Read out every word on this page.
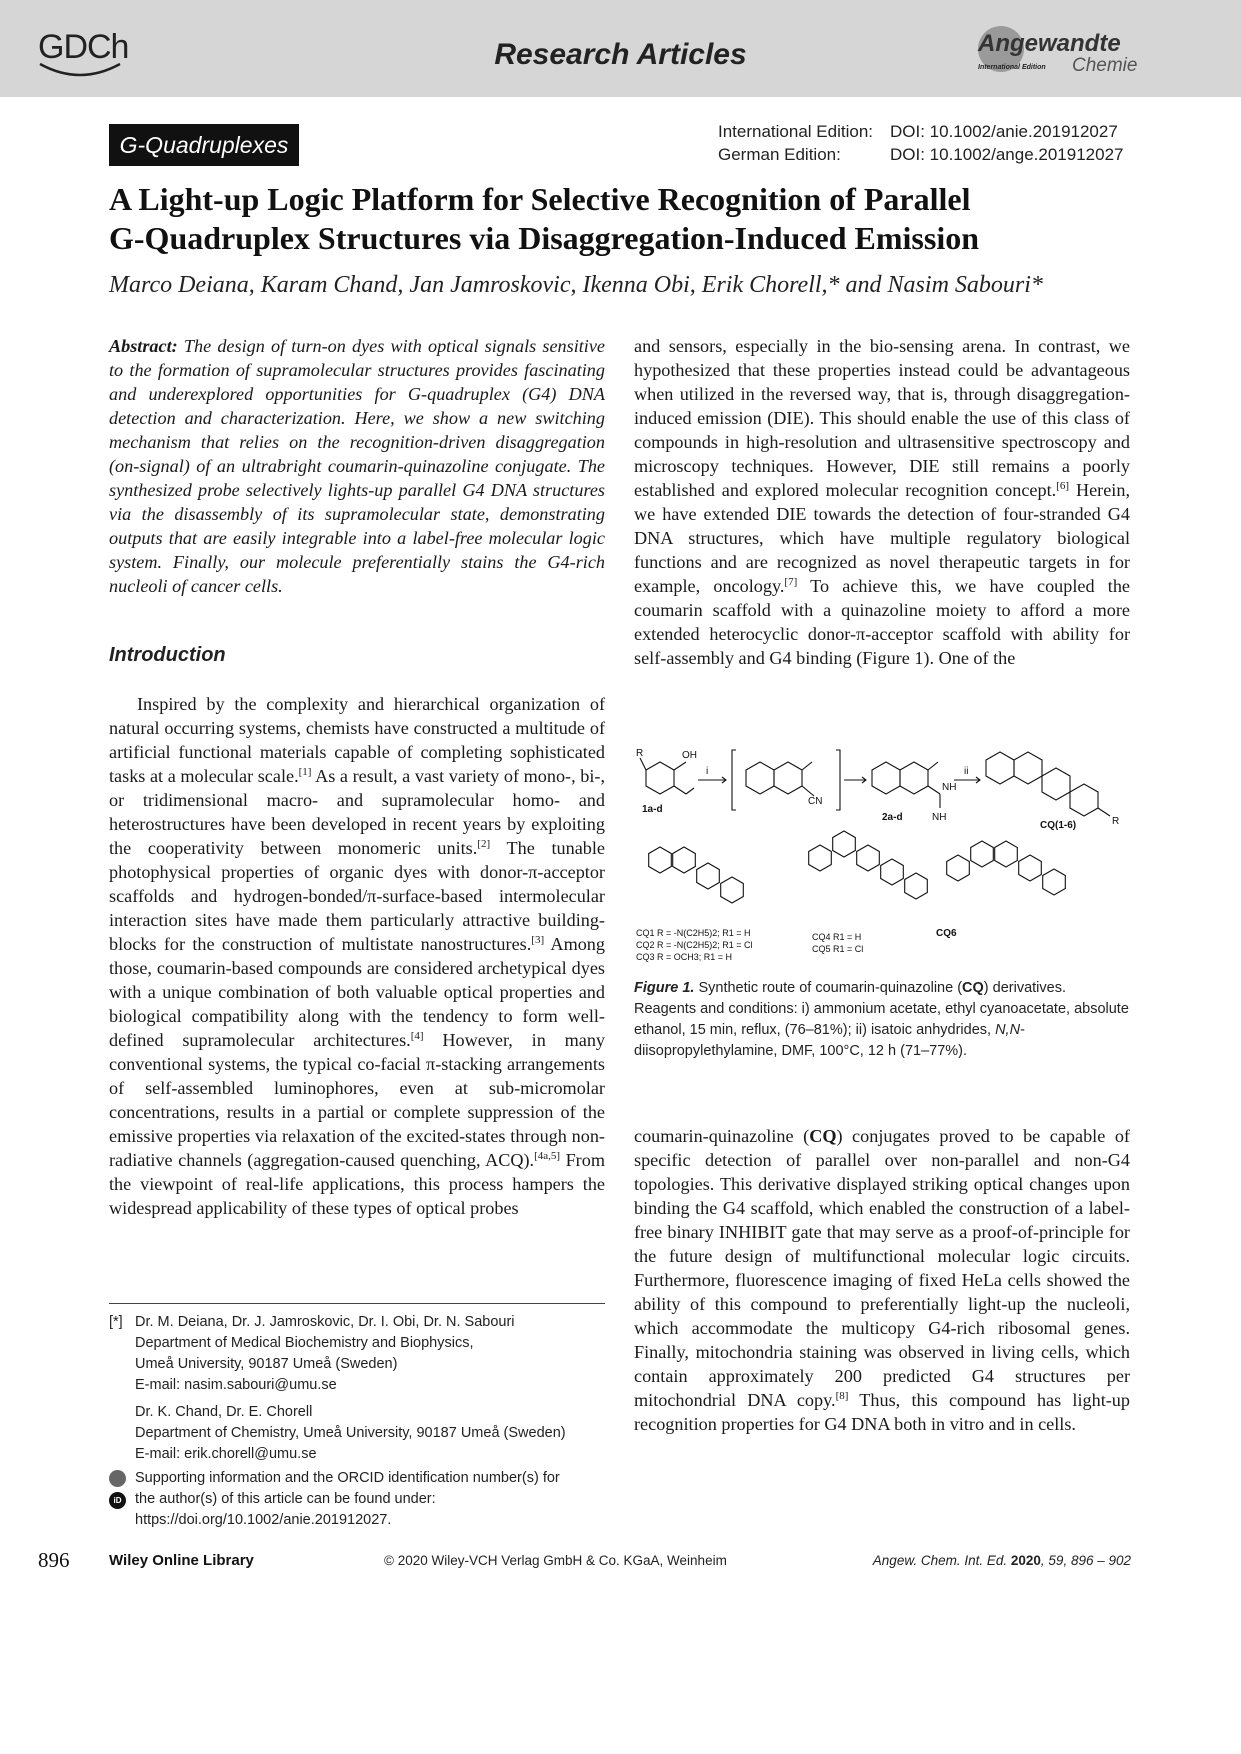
GDCh	Research Articles	Angewandte
International Edition Chemie
G-Quadruplexes
International Edition:	DOI: 10.1002/anie.201912027
German Edition:	DOI: 10.1002/ange.201912027
A Light-up Logic Platform for Selective Recognition of Parallel
G-Quadruplex Structures via Disaggregation-Induced Emission
Marco Deiana, Karam Chand, Jan Jamroskovic, Ikenna Obi, Erik Chorell,* and Nasim Sabouri*
Abstract: The design of turn-on dyes with optical signals sensitive to the formation of supramolecular structures provides fascinating and underexplored opportunities for G-quadruplex (G4) DNA detection and characterization. Here, we show a new switching mechanism that relies on the recognition-driven disaggregation (on-signal) of an ultrabright coumarin-quinazoline conjugate. The synthesized probe selectively lights-up parallel G4 DNA structures via the disassembly of its supramolecular state, demonstrating outputs that are easily integrable into a label-free molecular logic system. Finally, our molecule preferentially stains the G4-rich nucleoli of cancer cells.
Introduction
Inspired by the complexity and hierarchical organization of natural occurring systems, chemists have constructed a multitude of artificial functional materials capable of completing sophisticated tasks at a molecular scale.[1] As a result, a vast variety of mono-, bi-, or tridimensional macro- and supramolecular homo- and heterostructures have been developed in recent years by exploiting the cooperativity between monomeric units.[2] The tunable photophysical properties of organic dyes with donor-π-acceptor scaffolds and hydrogen-bonded/π-surface-based intermolecular interaction sites have made them particularly attractive building-blocks for the construction of multistate nanostructures.[3] Among those, coumarin-based compounds are considered archetypical dyes with a unique combination of both valuable optical properties and biological compatibility along with the tendency to form well-defined supramolecular architectures.[4] However, in many conventional systems, the typical co-facial π-stacking arrangements of self-assembled luminophores, even at sub-micromolar concentrations, results in a partial or complete suppression of the emissive properties via relaxation of the excited-states through non-radiative channels (aggregation-caused quenching, ACQ).[4a,5] From the viewpoint of real-life applications, this process hampers the widespread applicability of these types of optical probes
and sensors, especially in the bio-sensing arena. In contrast, we hypothesized that these properties instead could be advantageous when utilized in the reversed way, that is, through disaggregation-induced emission (DIE). This should enable the use of this class of compounds in high-resolution and ultrasensitive spectroscopy and microscopy techniques. However, DIE still remains a poorly established and explored molecular recognition concept.[6] Herein, we have extended DIE towards the detection of four-stranded G4 DNA structures, which have multiple regulatory biological functions and are recognized as novel therapeutic targets in for example, oncology.[7] To achieve this, we have coupled the coumarin scaffold with a quinazoline moiety to afford a more extended heterocyclic donor-π-acceptor scaffold with ability for self-assembly and G4 binding (Figure 1). One of the
R	OH
i
1a-d
CN
NH
NH
2a-d
ii
CQ(1-6)	R
CQ6
CQ1 R = -N(C2H5)2; R1 = H
CQ2 R = -N(C2H5)2; R1 = Cl
CQ3 R = OCH3; R1 = H
CQ4 R1 = H
CQ5 R1 = Cl
Figure 1. Synthetic route of coumarin-quinazoline (CQ) derivatives. Reagents and conditions: i) ammonium acetate, ethyl cyanoacetate, absolute ethanol, 15 min, reflux, (76–81%); ii) isatoic anhydrides, N,N-diisopropylethylamine, DMF, 100°C, 12 h (71–77%).
coumarin-quinazoline (CQ) conjugates proved to be capable of specific detection of parallel over non-parallel and non-G4 topologies. This derivative displayed striking optical changes upon binding the G4 scaffold, which enabled the construction of a label-free binary INHIBIT gate that may serve as a proof-of-principle for the future design of multifunctional molecular logic circuits. Furthermore, fluorescence imaging of fixed HeLa cells showed the ability of this compound to preferentially light-up the nucleoli, which accommodate the multicopy G4-rich ribosomal genes. Finally, mitochondria staining was observed in living cells, which contain approximately 200 predicted G4 structures per mitochondrial DNA copy.[8] Thus, this compound has light-up recognition properties for G4 DNA both in vitro and in cells.
[*] Dr. M. Deiana, Dr. J. Jamroskovic, Dr. I. Obi, Dr. N. Sabouri
Department of Medical Biochemistry and Biophysics,
Umeå University, 90187 Umeå (Sweden)
E-mail: nasim.sabouri@umu.se
Dr. K. Chand, Dr. E. Chorell
Department of Chemistry, Umeå University, 90187 Umeå (Sweden)
E-mail: erik.chorell@umu.se
iD
Supporting information and the ORCID identification number(s) for
the author(s) of this article can be found under:
https://doi.org/10.1002/anie.201912027.
896	Wiley Online Library	© 2020 Wiley-VCH Verlag GmbH & Co. KGaA, Weinheim	Angew. Chem. Int. Ed. 2020, 59, 896 – 902
